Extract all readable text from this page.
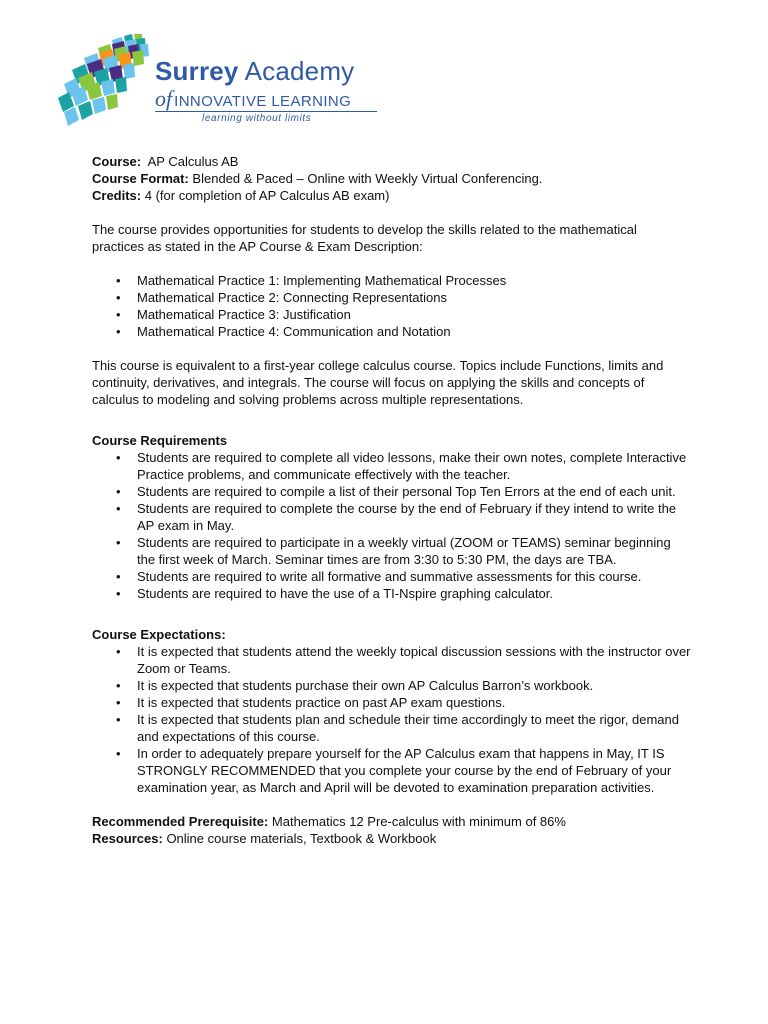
Surrey Academy
of INNOVATIVE LEARNING
learning without limits

Course: AP Calculus AB

Course Format: Blended & Paced – Online with Weekly Virtual Conferencing.

Credits: 4 (for completion of AP Calculus AB exam)

The course provides opportunities for students to develop the skills related to the mathematical practices as stated in the AP Course & Exam Description:

• Mathematical Practice 1: Implementing Mathematical Processes
• Mathematical Practice 2: Connecting Representations
• Mathematical Practice 3: Justification
• Mathematical Practice 4: Communication and Notation

This course is equivalent to a first-year college calculus course. Topics include Functions, limits and continuity, derivatives, and integrals. The course will focus on applying the skills and concepts of calculus to modeling and solving problems across multiple representations.

Course Requirements

• Students are required to complete all video lessons, make their own notes, complete Interactive Practice problems, and communicate effectively with the teacher.
• Students are required to compile a list of their personal Top Ten Errors at the end of each unit.
• Students are required to complete the course by the end of February if they intend to write the AP exam in May.
• Students are required to participate in a weekly virtual (ZOOM or TEAMS) seminar beginning the first week of March. Seminar times are from 3:30 to 5:30 PM, the days are TBA.
• Students are required to write all formative and summative assessments for this course.
• Students are required to have the use of a TI-Nspire graphing calculator.

Course Expectations:

• It is expected that students attend the weekly topical discussion sessions with the instructor over Zoom or Teams.
• It is expected that students purchase their own AP Calculus Barron’s workbook.
• It is expected that students practice on past AP exam questions.
• It is expected that students plan and schedule their time accordingly to meet the rigor, demand and expectations of this course.
• In order to adequately prepare yourself for the AP Calculus exam that happens in May, IT IS STRONGLY RECOMMENDED that you complete your course by the end of February of your examination year, as March and April will be devoted to examination preparation activities.

Recommended Prerequisite: Mathematics 12 Pre-calculus with minimum of 86%

Resources: Online course materials, Textbook & Workbook
